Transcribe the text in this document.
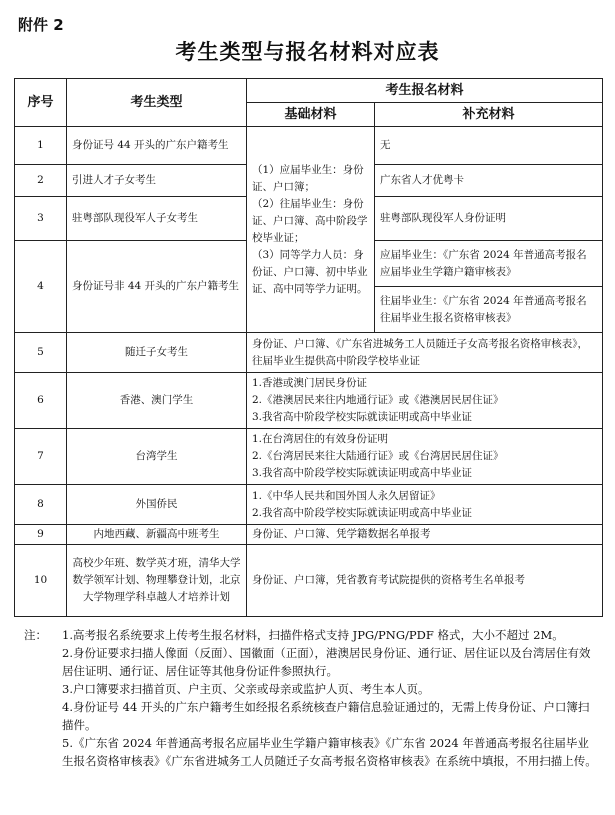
附件 2
考生类型与报名材料对应表
序号	考生类型	考生报名材料	
		基础材料	补充材料
1	身份证号 44 开头的广东户籍考生	（1）应届毕业生：身份证、户口簿；
（2）往届毕业生：身份证、户口簿、高中阶段学校毕业证；
（3）同等学力人员：身份证、户口簿、初中毕业证、高中同等学力证明。	无
2	引进人才子女考生		广东省人才优粤卡
3	驻粤部队现役军人子女考生		驻粤部队现役军人身份证明
4	身份证号非 44 开头的广东户籍考生		应届毕业生：《广东省 2024 年普通高考报名应届毕业生学籍户籍审核表》
			往届毕业生：《广东省 2024 年普通高考报名往届毕业生报名资格审核表》
5	随迁子女考生	身份证、户口簿、《广东省进城务工人员随迁子女高考报名资格审核表》，往届毕业生提供高中阶段学校毕业证	
6	香港、澳门学生	1.香港或澳门居民身份证
2.《港澳居民来往内地通行证》或《港澳居民居住证》
3.我省高中阶段学校实际就读证明或高中毕业证	

7	台湾学生	1.在台湾居住的有效身份证明
2.《台湾居民来往大陆通行证》或《台湾居民居住证》
3.我省高中阶段学校实际就读证明或高中毕业证	

8	外国侨民	1.《中华人民共和国外国人永久居留证》
2.我省高中阶段学校实际就读证明或高中毕业证	

9	内地西藏、新疆高中班考生	身份证、户口簿、凭学籍数据名单报考	
10	高校少年班、数学英才班，清华大学数学领军计划、物理攀登计划，北京大学物理学科卓越人才培养计划	身份证、户口簿，凭省教育考试院提供的资格考生名单报考	
注：	1.高考报名系统要求上传考生报名材料，扫描件格式支持 JPG/PNG/PDF 格式，大小不超过 2M。
2.身份证要求扫描人像面（反面）、国徽面（正面），港澳居民身份证、通行证、居住证以及台湾居住有效居住证明、通行证、居住证等其他身份证件参照执行。
3.户口簿要求扫描首页、户主页、父亲或母亲或监护人页、考生本人页。
4.身份证号 44 开头的广东户籍考生如经报名系统核查户籍信息验证通过的，无需上传身份证、户口簿扫描件。
5.《广东省 2024 年普通高考报名应届毕业生学籍户籍审核表》《广东省 2024 年普通高考报名往届毕业生报名资格审核表》《广东省进城务工人员随迁子女高考报名资格审核表》在系统中填报，不用扫描上传。
